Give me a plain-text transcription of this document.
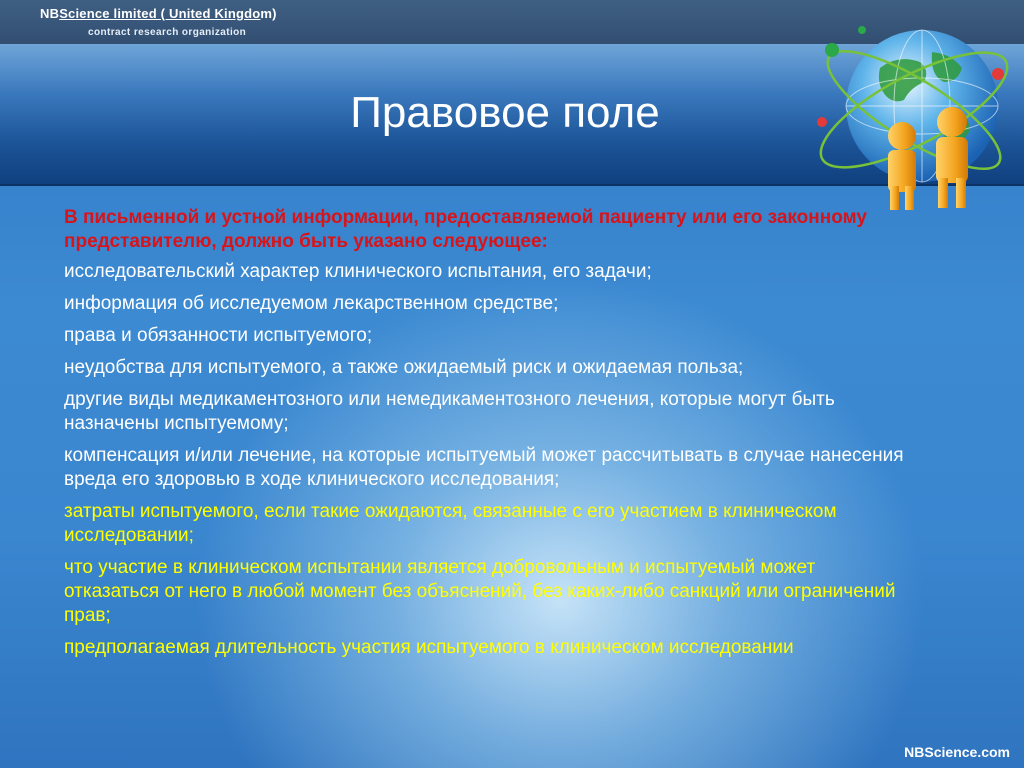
NBScience limited ( United Kingdom)
contract research organization
Правовое поле

В письменной и устной информации, предоставляемой пациенту или его законному представителю, должно быть указано следующее:

исследовательский характер клинического испытания, его задачи;

информация об исследуемом лекарственном средстве;

права и обязанности испытуемого;

неудобства для испытуемого, а также ожидаемый риск и ожидаемая польза;

другие виды медикаментозного или немедикаментозного лечения, которые могут быть назначены испытуемому;

компенсация и/или лечение, на которые испытуемый может рассчитывать в случае нанесения вреда его здоровью в ходе клинического исследования;

затраты испытуемого, если такие ожидаются, связанные с его участием в клиническом исследовании;

что участие в клиническом испытании является добровольным и испытуемый может отказаться от него в любой момент без объяснений, без каких-либо санкций или ограничений прав;

предполагаемая длительность участия испытуемого в клиническом исследовании

NBScience.com
